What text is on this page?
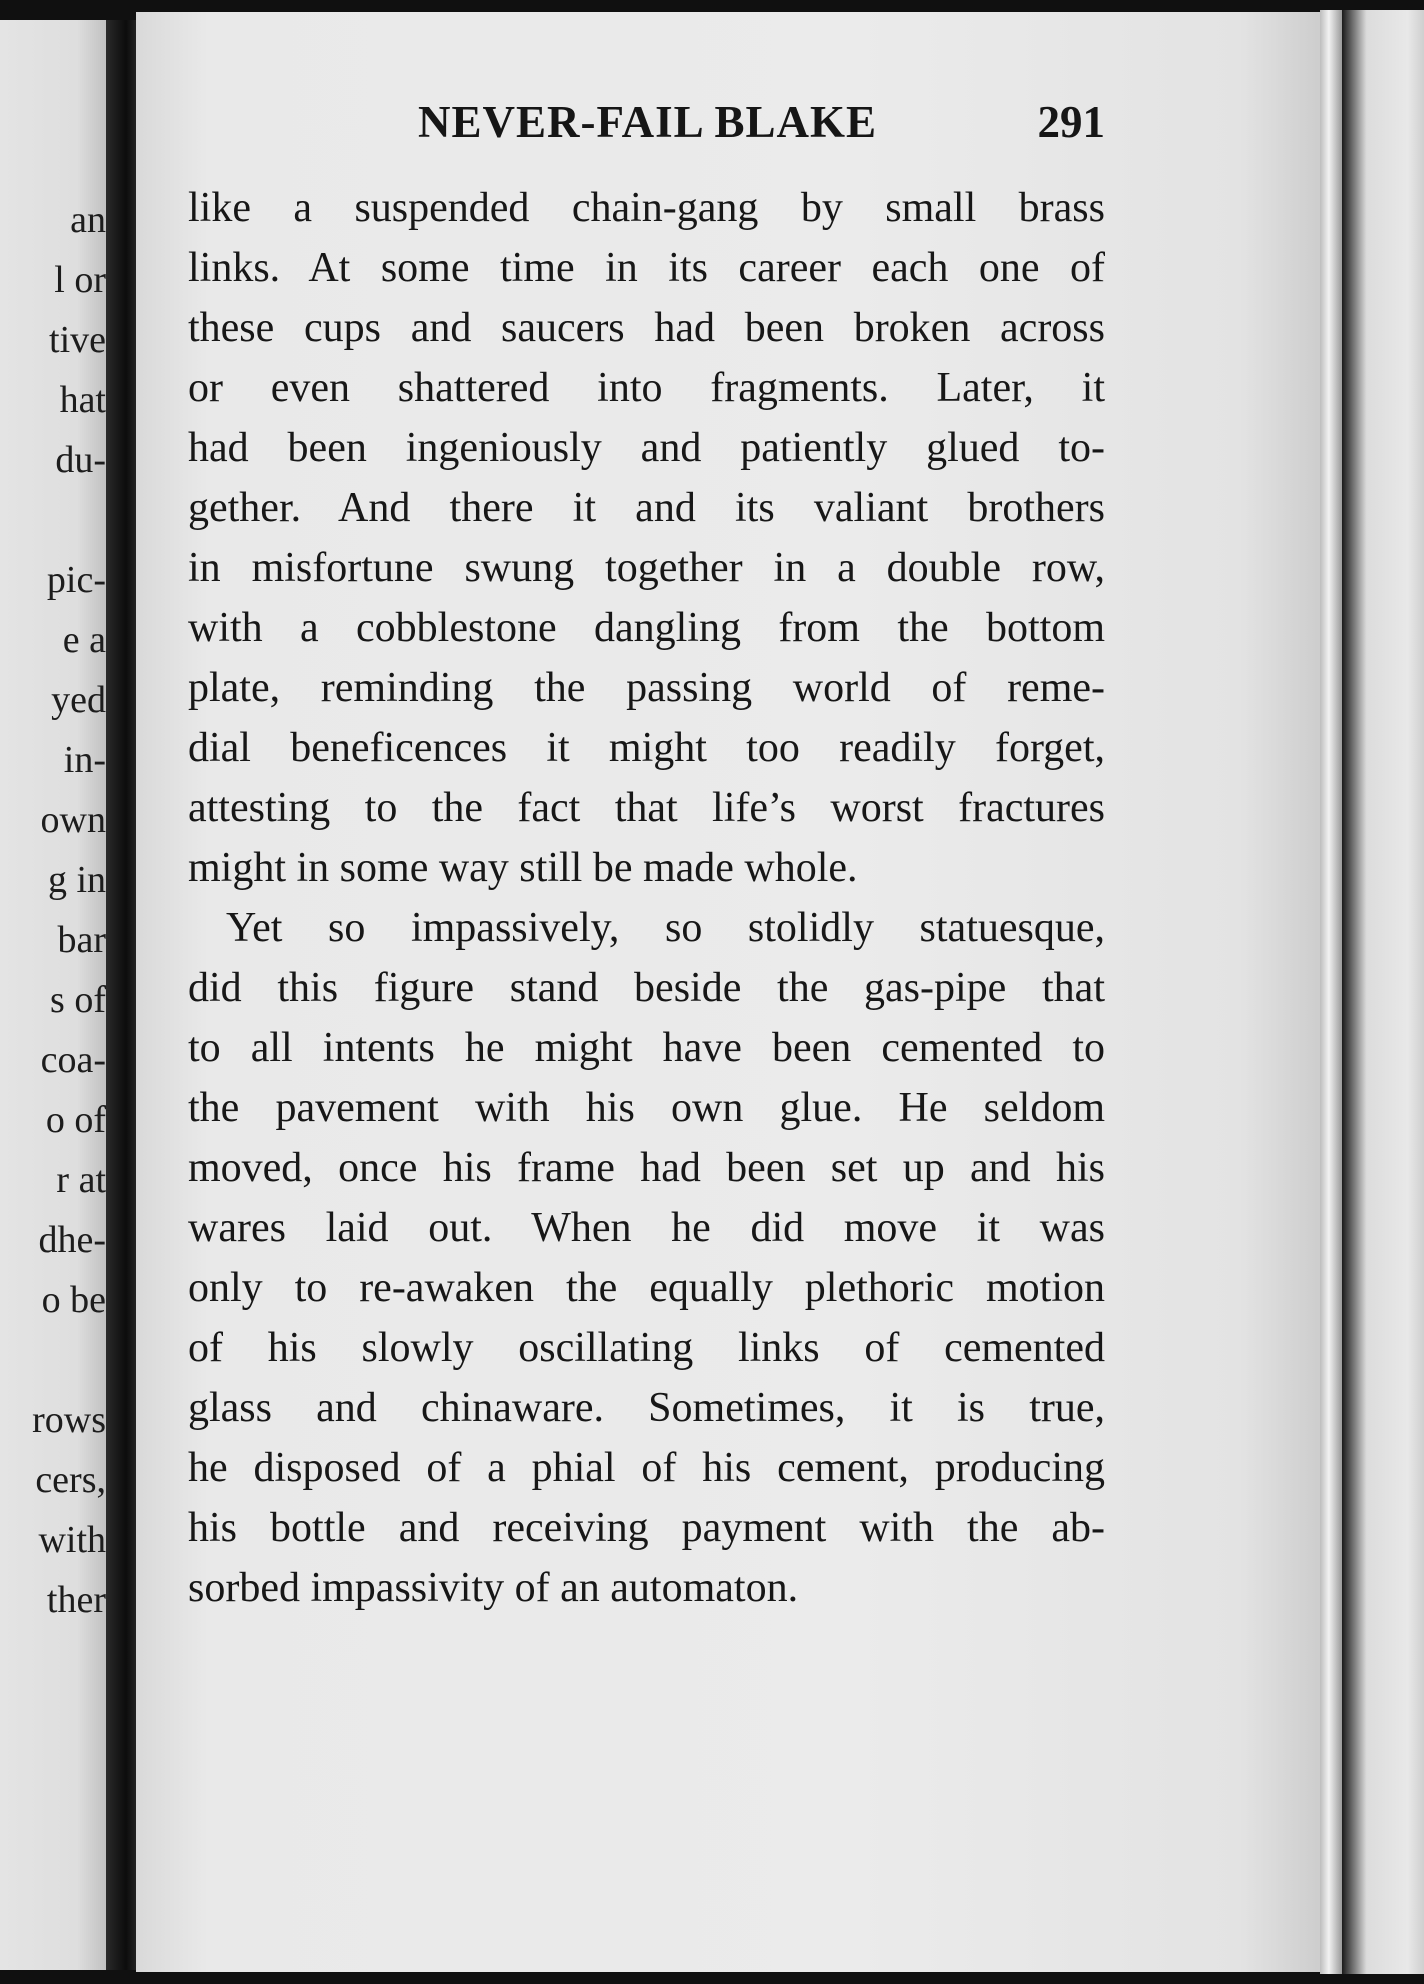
an
l or
tive
hat
du-
pic-
e a
yed
in-
own
g in
bar
s of
coa-
o of
r at
dhe-
o be
rows
cers,
with
ther
NEVER-FAIL BLAKE	291
like a suspended chain-gang by small brass
links. At some time in its career each one of
these cups and saucers had been broken across
or even shattered into fragments. Later, it
had been ingeniously and patiently glued to-
gether. And there it and its valiant brothers
in misfortune swung together in a double row,
with a cobblestone dangling from the bottom
plate, reminding the passing world of reme-
dial beneficences it might too readily forget,
attesting to the fact that life’s worst fractures
might in some way still be made whole.
Yet so impassively, so stolidly statuesque,
did this figure stand beside the gas-pipe that
to all intents he might have been cemented to
the pavement with his own glue. He seldom
moved, once his frame had been set up and his
wares laid out. When he did move it was
only to re-awaken the equally plethoric motion
of his slowly oscillating links of cemented
glass and chinaware. Sometimes, it is true,
he disposed of a phial of his cement, producing
his bottle and receiving payment with the ab-
sorbed impassivity of an automaton.
